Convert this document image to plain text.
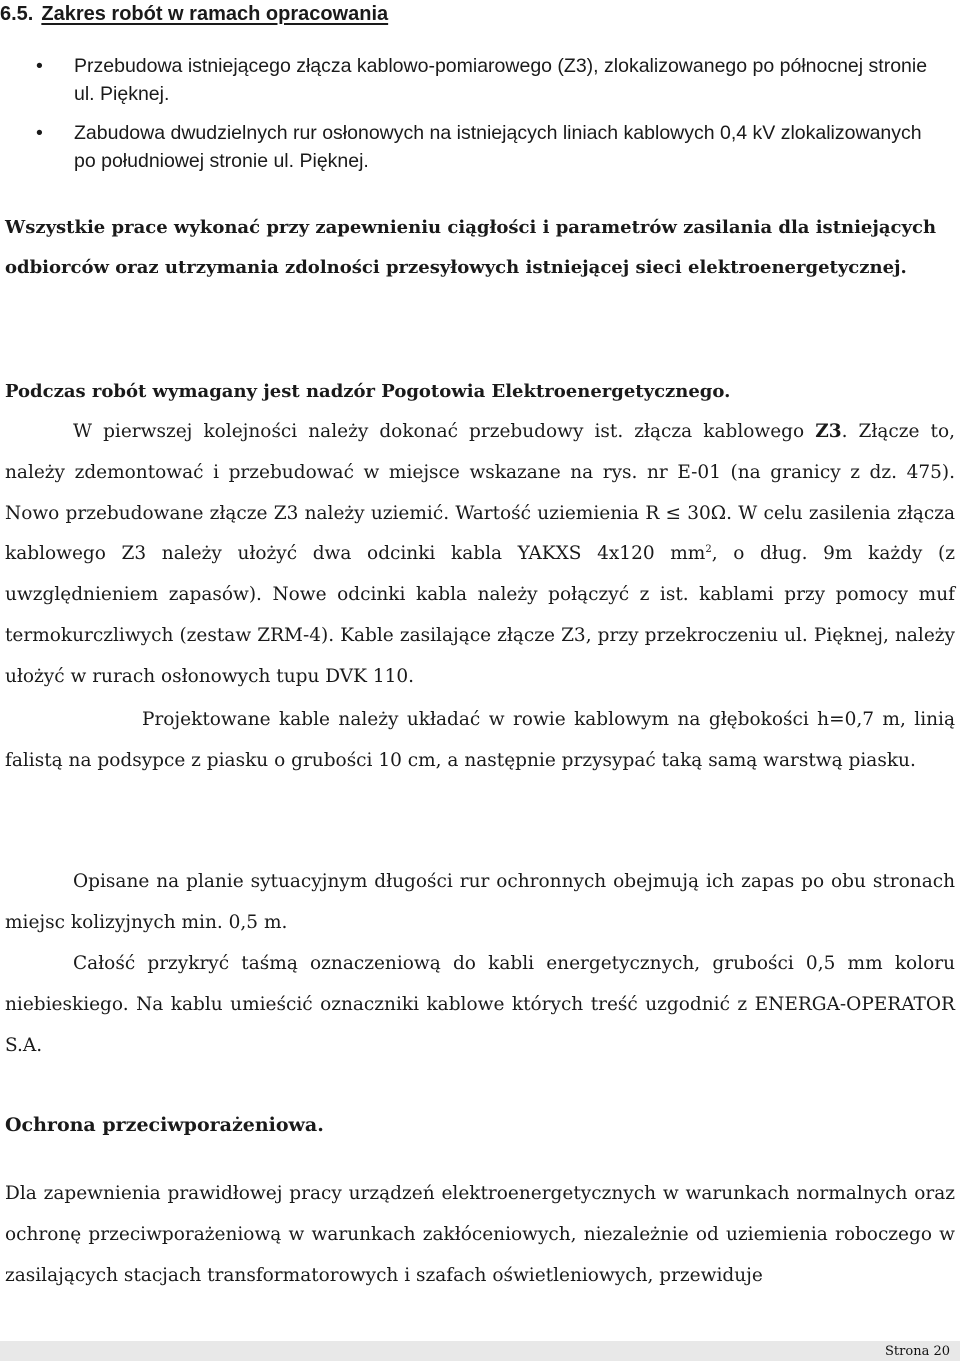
6.5. Zakres robót w ramach opracowania
• Przebudowa istniejącego złącza kablowo-pomiarowego (Z3), zlokalizowanego po północnej stronie ul. Pięknej.
• Zabudowa dwudzielnych rur osłonowych na istniejących liniach kablowych 0,4 kV zlokalizowanych po południowej stronie ul. Pięknej.

Wszystkie prace wykonać przy zapewnieniu ciągłości i parametrów zasilania dla istniejących odbiorców oraz utrzymania zdolności przesyłowych istniejącej sieci elektroenergetycznej.

Podczas robót wymagany jest nadzór Pogotowia Elektroenergetycznego.

W pierwszej kolejności należy dokonać przebudowy ist. złącza kablowego Z3. Złącze to, należy zdemontować i przebudować w miejsce wskazane na rys. nr E-01 (na granicy z dz. 475). Nowo przebudowane złącze Z3 należy uziemić. Wartość uziemienia R ≤ 30Ω. W celu zasilenia złącza kablowego Z3 należy ułożyć dwa odcinki kabla YAKXS 4x120 $mm^2$, o dług. 9m każdy (z uwzględnieniem zapasów). Nowe odcinki kabla należy połączyć z ist. kablami przy pomocy muf termokurczliwych (zestaw ZRM-4). Kable zasilające złącze Z3, przy przekroczeniu ul. Pięknej, należy ułożyć w rurach osłonowych tupu DVK 110.

Projektowane kable należy układać w rowie kablowym na głębokości h=0,7 m, linią falistą na podsypce z piasku o grubości 10 cm, a następnie przysypać taką samą warstwą piasku.

Opisane na planie sytuacyjnym długości rur ochronnych obejmują ich zapas po obu stronach miejsc kolizyjnych min. 0,5 m.

Całość przykryć taśmą oznaczeniową do kabli energetycznych, grubości 0,5 mm koloru niebieskiego. Na kablu umieścić oznaczniki kablowe których treść uzgodnić z ENERGA-OPERATOR S.A.

Ochrona przeciwporażeniowa.

Dla zapewnienia prawidłowej pracy urządzeń elektroenergetycznych w warunkach normalnych oraz ochronę przeciwporażeniową w warunkach zakłóceniowych, niezależnie od uziemienia roboczego w zasilających stacjach transformatorowych i szafach oświetleniowych, przewiduje

Strona 20
